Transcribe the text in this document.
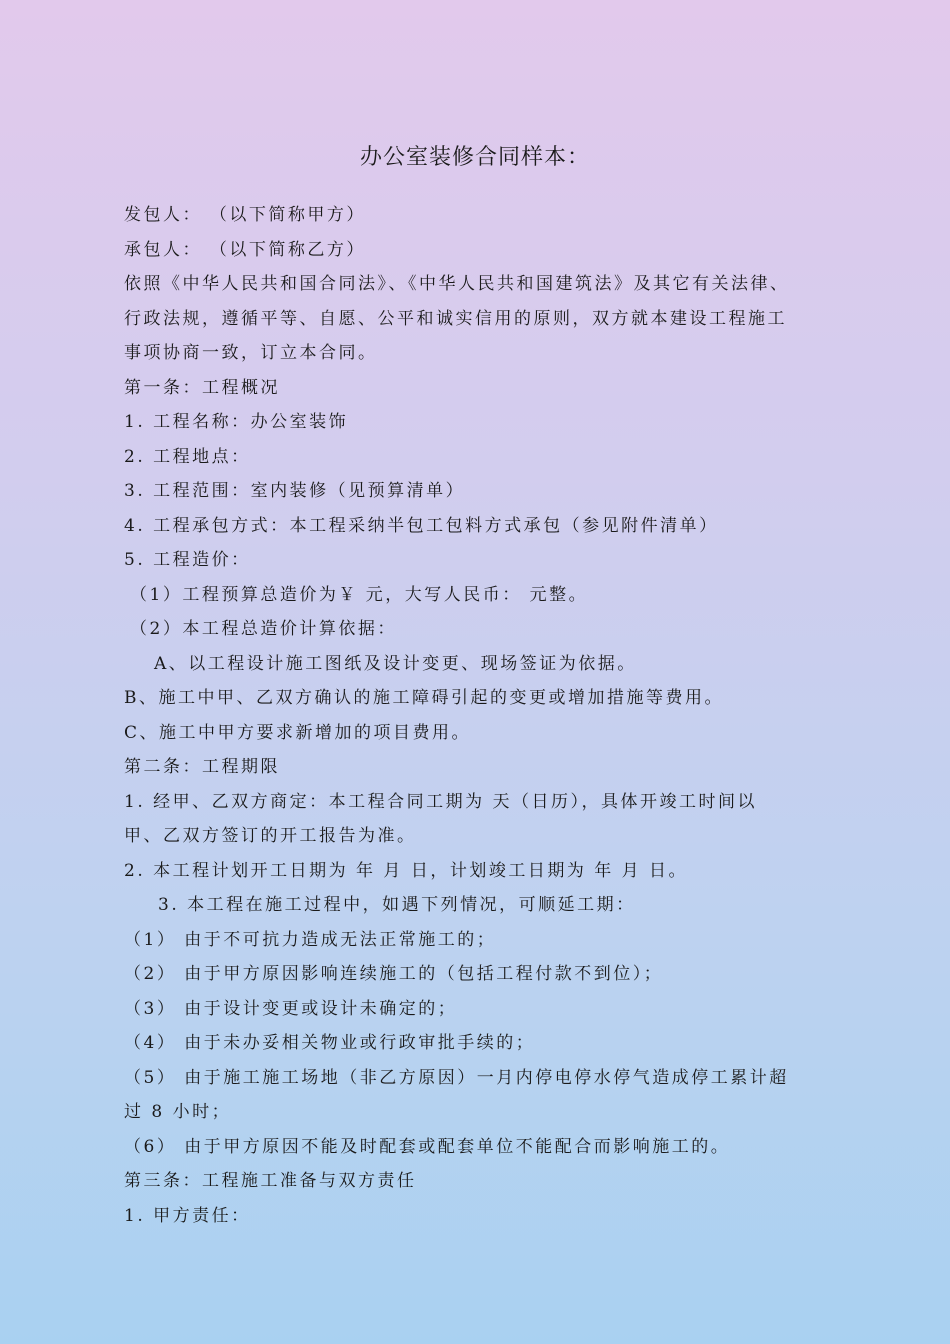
办公室装修合同样本：
发包人： （以下简称甲方）
承包人： （以下简称乙方）
依照《中华人民共和国合同法》、《中华人民共和国建筑法》及其它有关法律、
行政法规，遵循平等、自愿、公平和诚实信用的原则，双方就本建设工程施工
事项协商一致，订立本合同。
第一条：工程概况
1. 工程名称：办公室装饰
2. 工程地点：
3. 工程范围：室内装修（见预算清单）
4. 工程承包方式：本工程采纳半包工包料方式承包（参见附件清单）
5. 工程造价：
（1）工程预算总造价为￥ 元，大写人民币： 元整。
（2）本工程总造价计算依据：
A、以工程设计施工图纸及设计变更、现场签证为依据。
B、施工中甲、乙双方确认的施工障碍引起的变更或增加措施等费用。
C、施工中甲方要求新增加的项目费用。
第二条：工程期限
1. 经甲、乙双方商定：本工程合同工期为 天（日历），具体开竣工时间以
甲、乙双方签订的开工报告为准。
2. 本工程计划开工日期为 年 月 日，计划竣工日期为 年 月 日。
3. 本工程在施工过程中，如遇下列情况，可顺延工期：
（1） 由于不可抗力造成无法正常施工的；
（2） 由于甲方原因影响连续施工的（包括工程付款不到位）；
（3） 由于设计变更或设计未确定的；
（4） 由于未办妥相关物业或行政审批手续的；
（5） 由于施工施工场地（非乙方原因）一月内停电停水停气造成停工累计超
过 8 小时；
（6） 由于甲方原因不能及时配套或配套单位不能配合而影响施工的。
第三条：工程施工准备与双方责任
1. 甲方责任：
